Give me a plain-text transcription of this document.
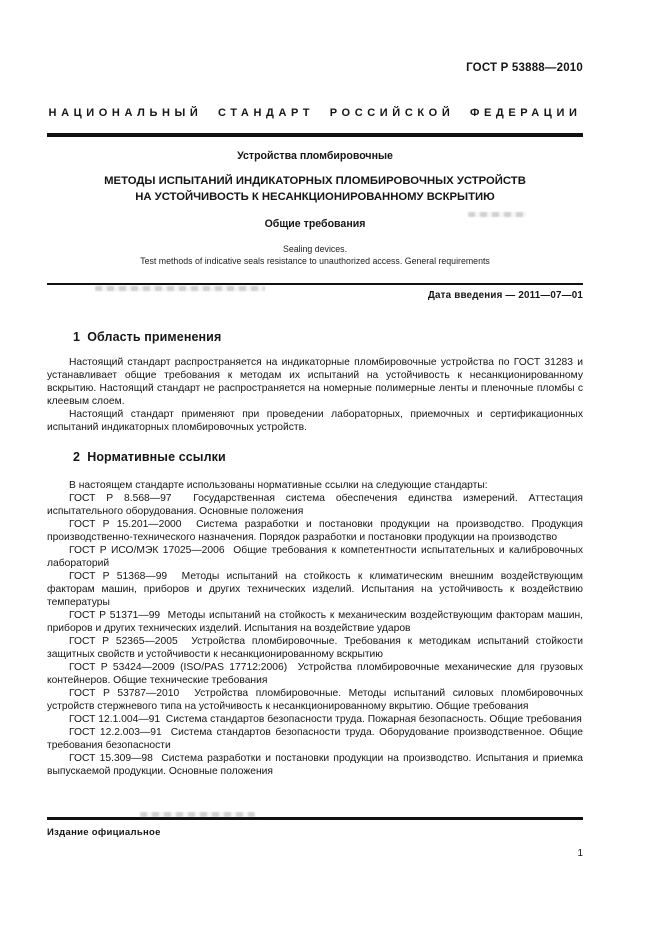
ГОСТ Р 53888—2010
НАЦИОНАЛЬНЫЙ СТАНДАРТ РОССИЙСКОЙ ФЕДЕРАЦИИ
Устройства пломбировочные
МЕТОДЫ ИСПЫТАНИЙ ИНДИКАТОРНЫХ ПЛОМБИРОВОЧНЫХ УСТРОЙСТВ
НА УСТОЙЧИВОСТЬ К НЕСАНКЦИОНИРОВАННОМУ ВСКРЫТИЮ
Общие требования
Sealing devices.
Test methods of indicative seals resistance to unauthorized access. General requirements
Дата введения — 2011—07—01
1  Область применения

Настоящий стандарт распространяется на индикаторные пломбировочные устройства по ГОСТ 31283 и устанавливает общие требования к методам их испытаний на устойчивость к несанкционированному вскрытию. Настоящий стандарт не распространяется на номерные полимерные ленты и пленочные пломбы с клеевым слоем.

Настоящий стандарт применяют при проведении лабораторных, приемочных и сертификационных испытаний индикаторных пломбировочных устройств.

2  Нормативные ссылки

В настоящем стандарте использованы нормативные ссылки на следующие стандарты:

ГОСТ Р 8.568—97  Государственная система обеспечения единства измерений. Аттестация испытательного оборудования. Основные положения

ГОСТ Р 15.201—2000  Система разработки и постановки продукции на производство. Продукция производственно-технического назначения. Порядок разработки и постановки продукции на производство

ГОСТ Р ИСО/МЭК 17025—2006  Общие требования к компетентности испытательных и калибровочных лабораторий

ГОСТ Р 51368—99  Методы испытаний на стойкость к климатическим внешним воздействующим факторам машин, приборов и других технических изделий. Испытания на устойчивость к воздействию температуры

ГОСТ Р 51371—99  Методы испытаний на стойкость к механическим воздействующим факторам машин, приборов и других технических изделий. Испытания на воздействие ударов

ГОСТ Р 52365—2005  Устройства пломбировочные. Требования к методикам испытаний стойкости защитных свойств и устойчивости к несанкционированному вскрытию

ГОСТ Р 53424—2009 (ISO/PAS 17712:2006)  Устройства пломбировочные механические для грузовых контейнеров. Общие технические требования

ГОСТ Р 53787—2010  Устройства пломбировочные. Методы испытаний силовых пломбировочных устройств стержневого типа на устойчивость к несанкционированному вкрытию. Общие требования

ГОСТ 12.1.004—91  Система стандартов безопасности труда. Пожарная безопасность. Общие требования

ГОСТ 12.2.003—91  Система стандартов безопасности труда. Оборудование производственное. Общие требования безопасности

ГОСТ 15.309—98  Система разработки и постановки продукции на производство. Испытания и приемка выпускаемой продукции. Основные положения

Издание официальное
1
